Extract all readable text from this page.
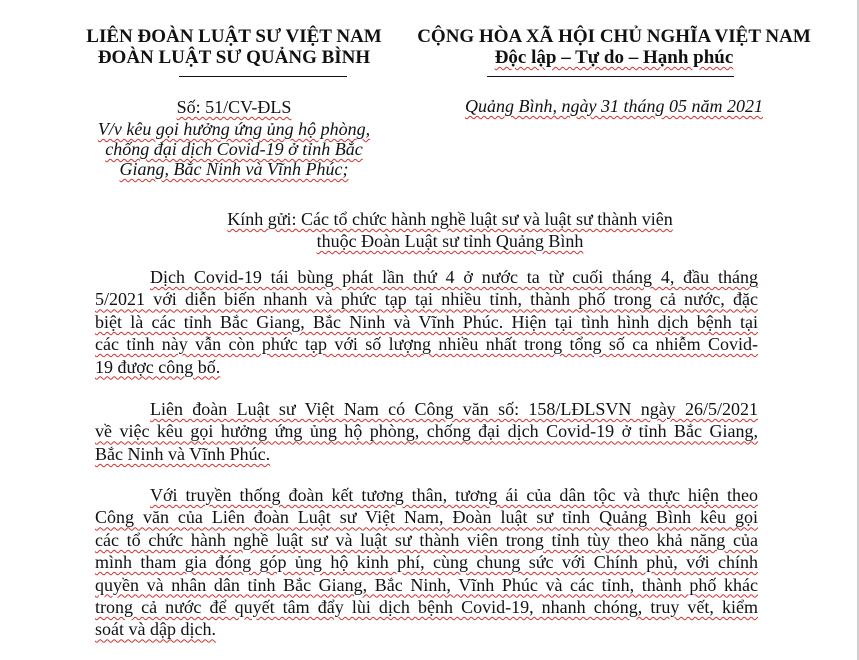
LIÊN ĐOÀN LUẬT SƯ VIỆT NAM
ĐOÀN LUẬT SƯ QUẢNG BÌNH
CỘNG HÒA XÃ HỘI CHỦ NGHĨA VIỆT NAM
Độc lập – Tự do – Hạnh phúc
Số: 51/CV-ĐLS
V/v kêu gọi hưởng ứng ủng hộ phòng,
chống đại dịch Covid-19 ở tỉnh Bắc
Giang, Bắc Ninh và Vĩnh Phúc;
Quảng Bình, ngày 31 tháng 05 năm 2021
Kính gửi: Các tổ chức hành nghề luật sư và luật sư thành viên
thuộc Đoàn Luật sư tỉnh Quảng Bình
Dịch Covid-19 tái bùng phát lần thứ 4 ở nước ta từ cuối tháng 4, đầu tháng
5/2021 với diễn biến nhanh và phức tạp tại nhiều tỉnh, thành phố trong cả nước, đặc
biệt là các tỉnh Bắc Giang, Bắc Ninh và Vĩnh Phúc. Hiện tại tình hình dịch bệnh tại
các tỉnh này vẫn còn phức tạp với số lượng nhiều nhất trong tổng số ca nhiễm Covid-
19 được công bố.
Liên đoàn Luật sư Việt Nam có Công văn số: 158/LĐLSVN ngày 26/5/2021
về việc kêu gọi hưởng ứng ủng hộ phòng, chống đại dịch Covid-19 ở tỉnh Bắc Giang,
Bắc Ninh và Vĩnh Phúc.
Với truyền thống đoàn kết tương thân, tương ái của dân tộc và thực hiện theo
Công văn của Liên đoàn Luật sư Việt Nam, Đoàn luật sư tỉnh Quảng Bình kêu gọi
các tổ chức hành nghề luật sư và luật sư thành viên trong tỉnh tùy theo khả năng của
mình tham gia đóng góp ủng hộ kinh phí, cùng chung sức với Chính phủ, với chính
quyền và nhân dân tỉnh Bắc Giang, Bắc Ninh, Vĩnh Phúc và các tỉnh, thành phố khác
trong cả nước để quyết tâm đẩy lùi dịch bệnh Covid-19, nhanh chóng, truy vết, kiểm
soát và dập dịch.
